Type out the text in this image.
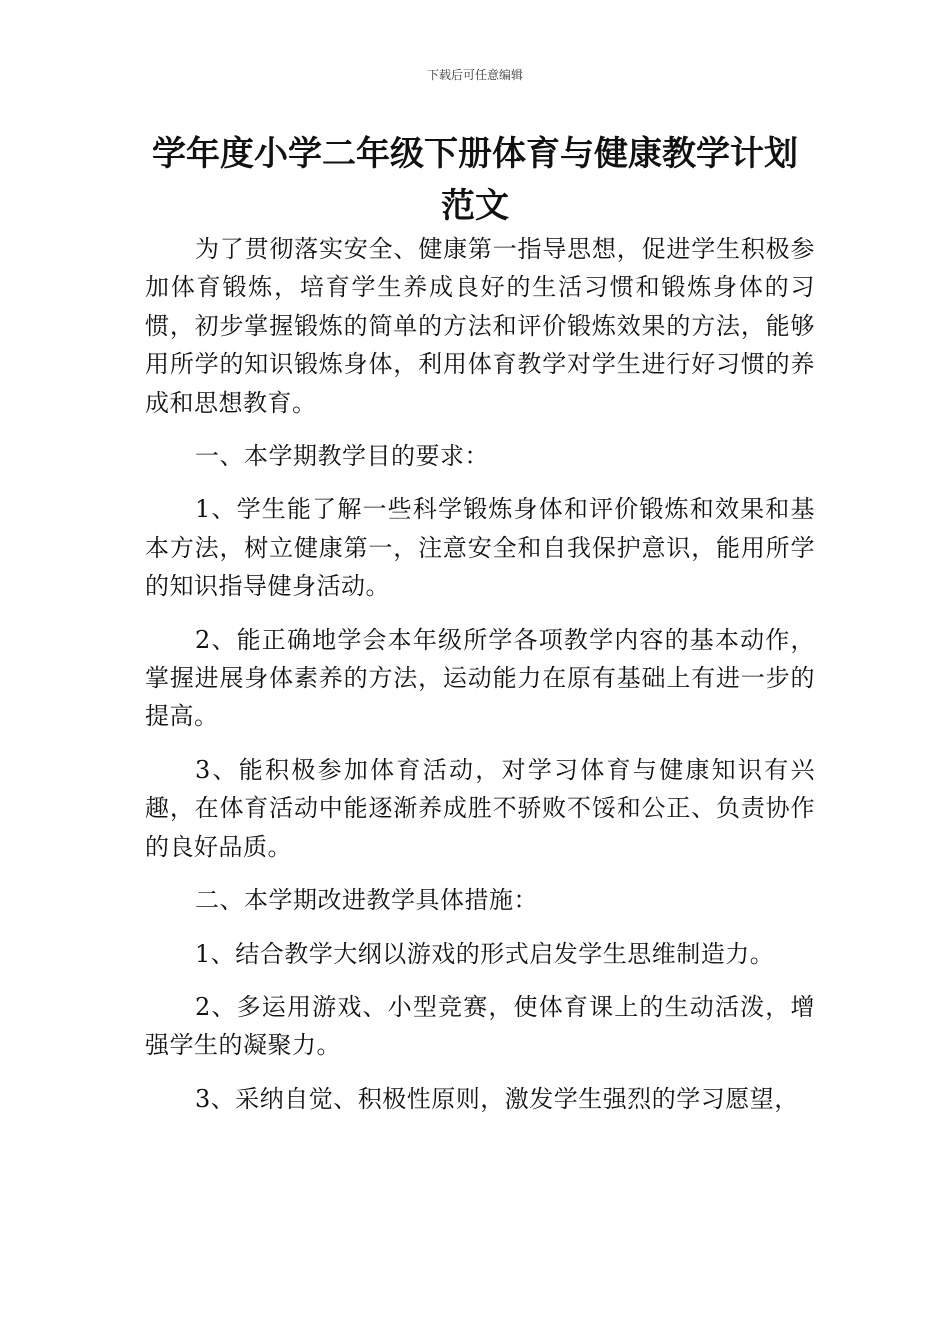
下载后可任意编辑
学年度小学二年级下册体育与健康教学计划范文

为了贯彻落实安全、健康第一指导思想，促进学生积极参加体育锻炼，培育学生养成良好的生活习惯和锻炼身体的习惯，初步掌握锻炼的简单的方法和评价锻炼效果的方法，能够用所学的知识锻炼身体，利用体育教学对学生进行好习惯的养成和思想教育。

一、本学期教学目的要求：

1、学生能了解一些科学锻炼身体和评价锻炼和效果和基本方法，树立健康第一，注意安全和自我保护意识，能用所学的知识指导健身活动。

2、能正确地学会本年级所学各项教学内容的基本动作，掌握进展身体素养的方法，运动能力在原有基础上有进一步的提高。

3、能积极参加体育活动，对学习体育与健康知识有兴趣，在体育活动中能逐渐养成胜不骄败不馁和公正、负责协作的良好品质。

二、本学期改进教学具体措施：

1、结合教学大纲以游戏的形式启发学生思维制造力。

2、多运用游戏、小型竞赛，使体育课上的生动活泼，增强学生的凝聚力。

3、采纳自觉、积极性原则，激发学生强烈的学习愿望，
